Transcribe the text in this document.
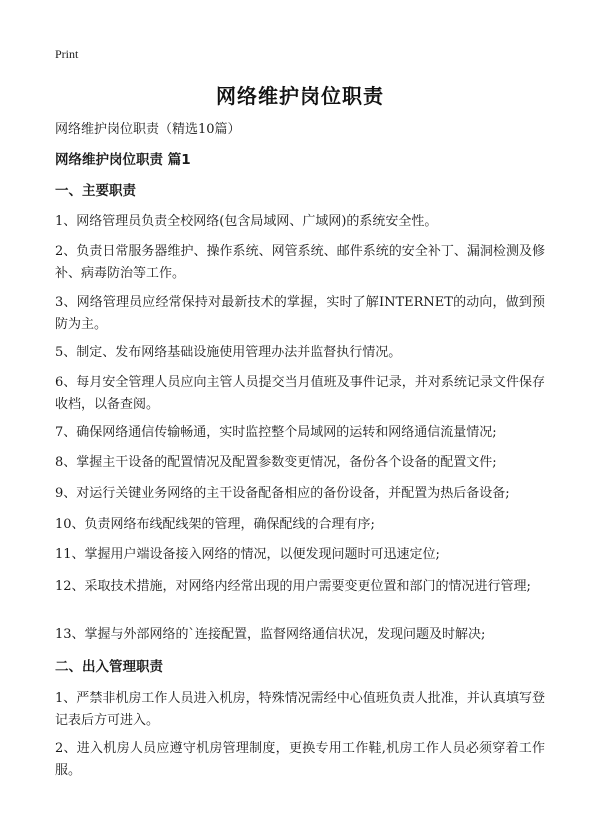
Print
网络维护岗位职责
网络维护岗位职责（精选10篇）
网络维护岗位职责 篇1
一、主要职责
1、网络管理员负责全校网络(包含局域网、广域网)的系统安全性。
2、负责日常服务器维护、操作系统、网管系统、邮件系统的安全补丁、漏洞检测及修补、病毒防治等工作。
3、网络管理员应经常保持对最新技术的掌握，实时了解INTERNET的动向，做到预防为主。
5、制定、发布网络基础设施使用管理办法并监督执行情况。
6、每月安全管理人员应向主管人员提交当月值班及事件记录，并对系统记录文件保存收档，以备查阅。
7、确保网络通信传输畅通，实时监控整个局域网的运转和网络通信流量情况;
8、掌握主干设备的配置情况及配置参数变更情况，备份各个设备的配置文件;
9、对运行关键业务网络的主干设备配备相应的备份设备，并配置为热后备设备;
10、负责网络布线配线架的管理，确保配线的合理有序;
11、掌握用户端设备接入网络的情况，以便发现问题时可迅速定位;
12、采取技术措施，对网络内经常出现的用户需要变更位置和部门的情况进行管理;
13、掌握与外部网络的`连接配置，监督网络通信状况，发现问题及时解决;
二、出入管理职责
1、严禁非机房工作人员进入机房，特殊情况需经中心值班负责人批准，并认真填写登记表后方可进入。
2、进入机房人员应遵守机房管理制度，更换专用工作鞋,机房工作人员必须穿着工作服。
